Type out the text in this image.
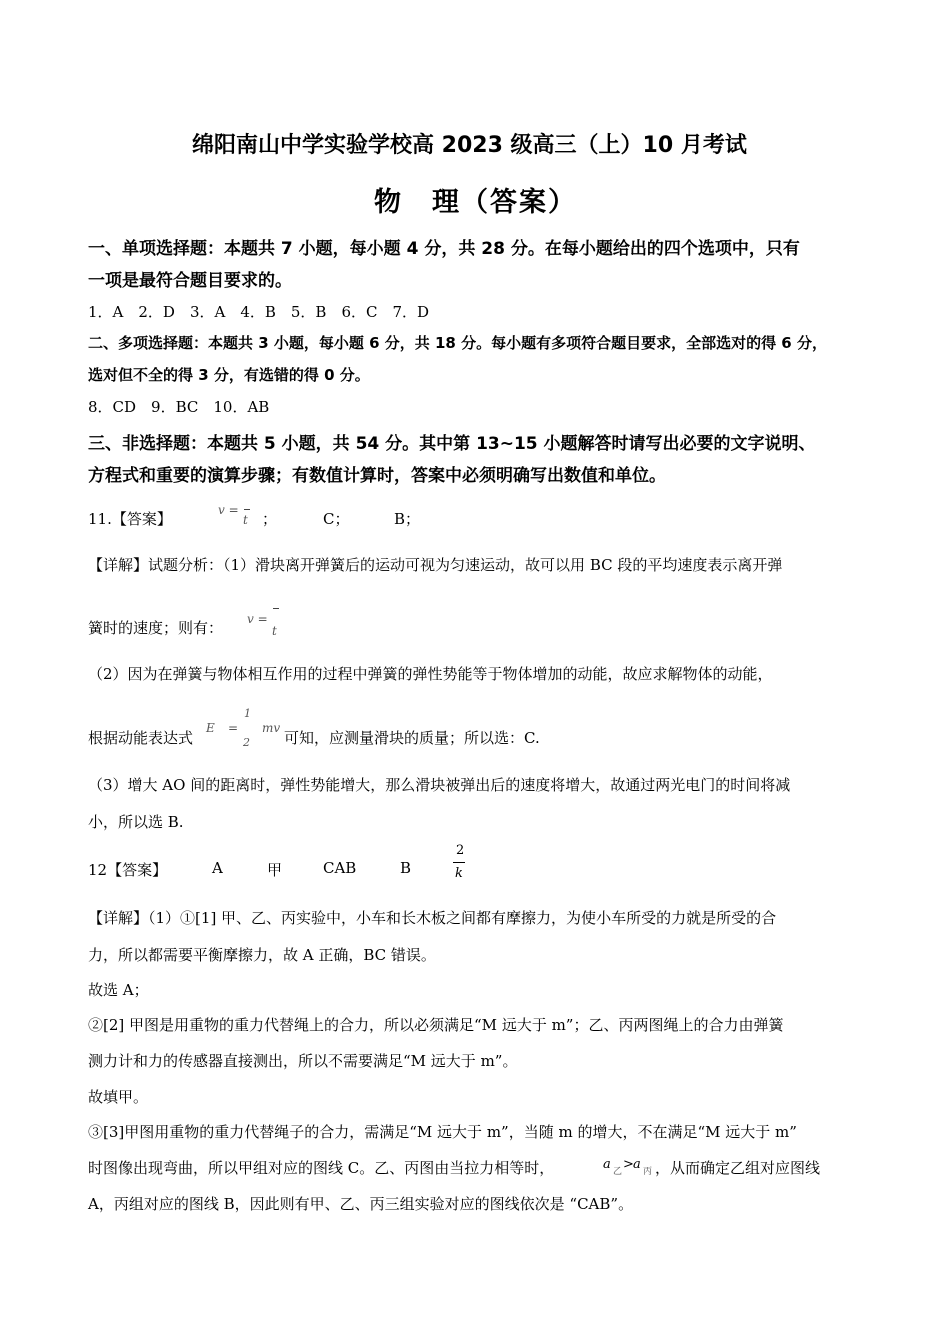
绵阳南山中学实验学校高 2023 级高三（上）10 月考试
物　理（答案）
一、单项选择题：本题共 7 小题，每小题 4 分，共 28 分。在每小题给出的四个选项中，只有
一项是最符合题目要求的。
1．A　2．D　3．A　4．B　5．B　6．C　7．D
二、多项选择题：本题共 3 小题，每小题 6 分，共 18 分。每小题有多项符合题目要求，全部选对的得 6 分，
选对但不全的得 3 分，有选错的得 0 分。
8．CD　9．BC　10．AB
三、非选择题：本题共 5 小题，共 54 分。其中第 13~15 小题解答时请写出必要的文字说明、
方程式和重要的演算步骤；有数值计算时，答案中必须明确写出数值和单位。
11.【答案】	v =
t ；	C；	B；
【详解】试题分析：（1）滑块离开弹簧后的运动可视为匀速运动，故可以用 BC 段的平均速度表示离开弹
簧时的速度；则有： v =
t
（2）因为在弹簧与物体相互作用的过程中弹簧的弹性势能等于物体增加的动能，故应求解物体的动能，
根据动能表达式
E =
1
2
mv
可知，应测量滑块的质量；所以选：C.
（3）增大 AO 间的距离时，弹性势能增大，那么滑块被弹出后的速度将增大，故通过两光电门的时间将减
小，所以选 B.
12【答案】	A	甲	CAB	B
2
k
【详解】（1）①[1] 甲、乙、丙实验中，小车和长木板之间都有摩擦力，为使小车所受的力就是所受的合
力，所以都需要平衡摩擦力，故 A 正确，BC 错误。
故选 A；
②[2] 甲图是用重物的重力代替绳上的合力，所以必须满足“M 远大于 m”；乙、丙两图绳上的合力由弹簧
测力计和力的传感器直接测出，所以不需要满足“M 远大于 m”。
故填甲。
③[3]甲图用重物的重力代替绳子的合力，需满足“M 远大于 m”，当随 m 的增大，不在满足“M 远大于 m”
时图像出现弯曲，所以甲组对应的图线 C。乙、丙图由当拉力相等时，	a 乙 > a 丙 ，从而确定乙组对应图线
A，丙组对应的图线 B，因此则有甲、乙、丙三组实验对应的图线依次是 “CAB”。
